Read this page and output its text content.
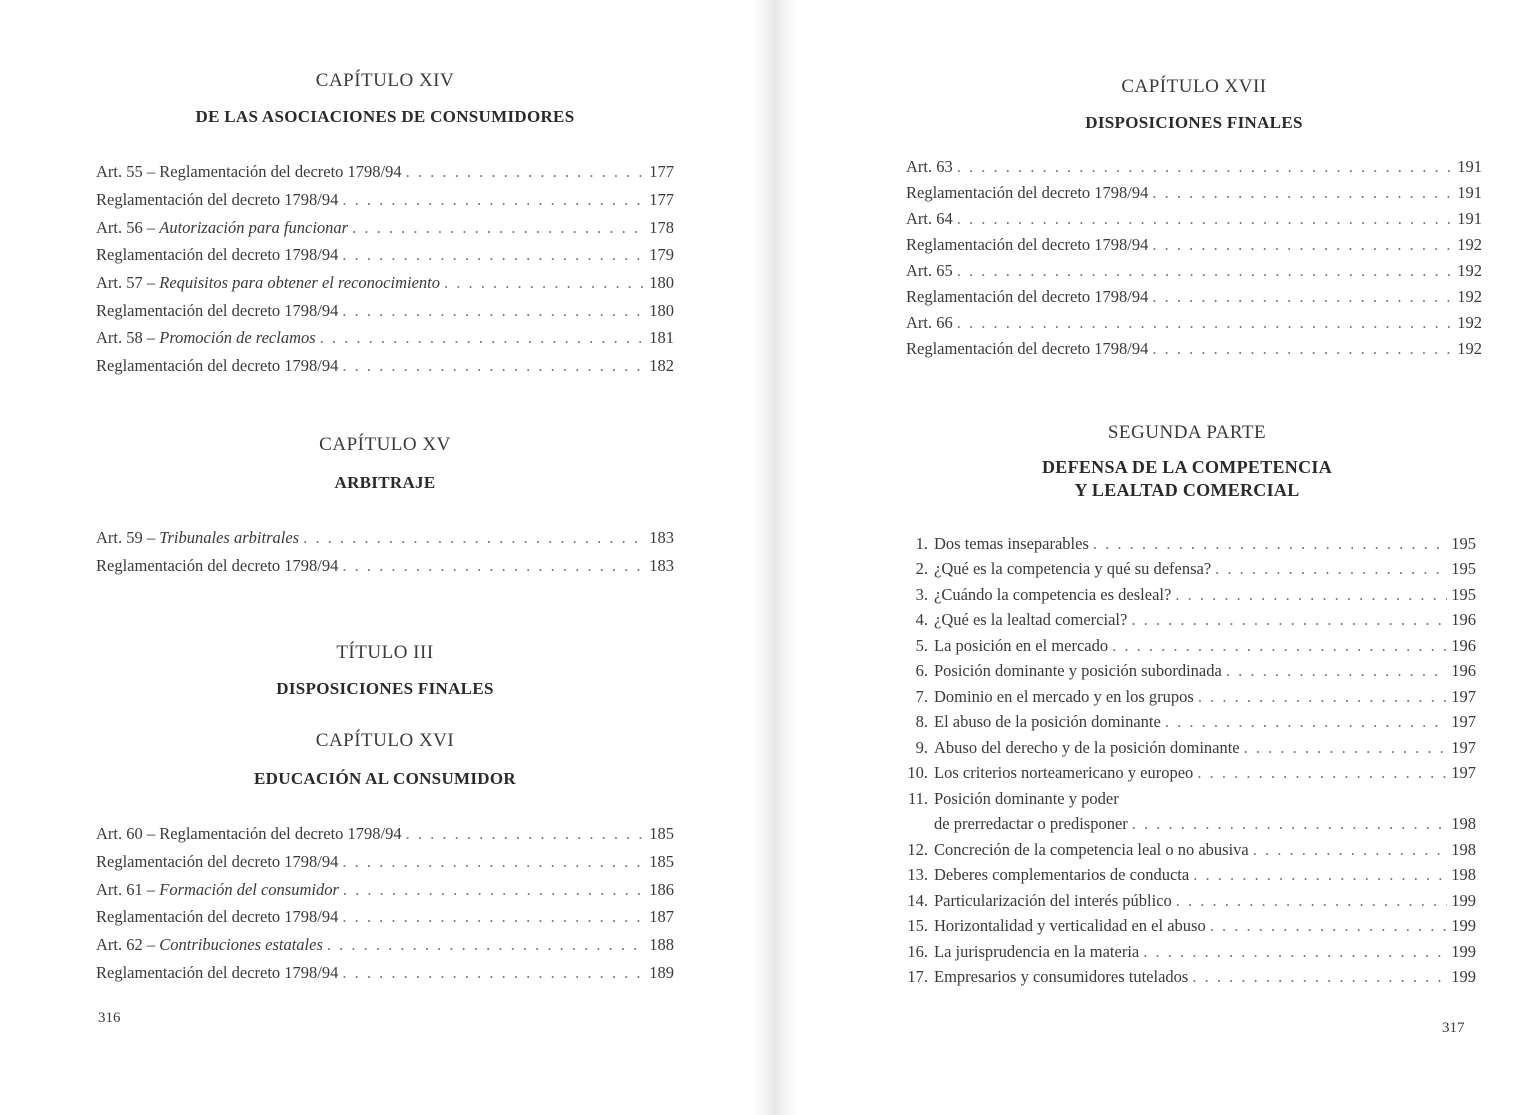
CAPÍTULO XIV

DE LAS ASOCIACIONES DE CONSUMIDORES

Art. 55 – Reglamentación del decreto 1798/94 . . .	177
Reglamentación del decreto 1798/94 . . .	177
Art. 56 – Autorización para funcionar . . .	178
Reglamentación del decreto 1798/94 . . .	179
Art. 57 – Requisitos para obtener el reconocimiento . . .	180
Reglamentación del decreto 1798/94 . . .	180
Art. 58 – Promoción de reclamos . . .	181
Reglamentación del decreto 1798/94 . . .	182

CAPÍTULO XV

ARBITRAJE

Art. 59 – Tribunales arbitrales . . .	183
Reglamentación del decreto 1798/94 . . .	183

TÍTULO III

DISPOSICIONES FINALES

CAPÍTULO XVI

EDUCACIÓN AL CONSUMIDOR

Art. 60 – Reglamentación del decreto 1798/94 . . .	185
Reglamentación del decreto 1798/94 . . .	185
Art. 61 – Formación del consumidor . . .	186
Reglamentación del decreto 1798/94 . . .	187
Art. 62 – Contribuciones estatales . . .	188
Reglamentación del decreto 1798/94 . . .	189
316

CAPÍTULO XVII

DISPOSICIONES FINALES

Art. 63 . . .	191
Reglamentación del decreto 1798/94 . . .	191
Art. 64 . . .	191
Reglamentación del decreto 1798/94 . . .	192
Art. 65 . . .	192
Reglamentación del decreto 1798/94 . . .	192
Art. 66 . . .	192
Reglamentación del decreto 1798/94 . . .	192

SEGUNDA PARTE

DEFENSA DE LA COMPETENCIA

Y LEALTAD COMERCIAL

1. Dos temas inseparables . . .	195
2. ¿Qué es la competencia y qué su defensa? . . .	195
3. ¿Cuándo la competencia es desleal? . . .	195
4. ¿Qué es la lealtad comercial? . . .	196
5. La posición en el mercado . . .	196
6. Posición dominante y posición subordinada . . .	196
7. Dominio en el mercado y en los grupos . . .	197
8. El abuso de la posición dominante . . .	197
9. Abuso del derecho y de la posición dominante . . .	197
10. Los criterios norteamericano y europeo . . .	197
11. Posición dominante y poder
de prerredactar o predisponer . . .	198
12. Concreción de la competencia leal o no abusiva . . .	198
13. Deberes complementarios de conducta . . .	198
14. Particularización del interés público . . .	199
15. Horizontalidad y verticalidad en el abuso . . .	199
16. La jurisprudencia en la materia . . .	199
17. Empresarios y consumidores tutelados . . .	199
317
